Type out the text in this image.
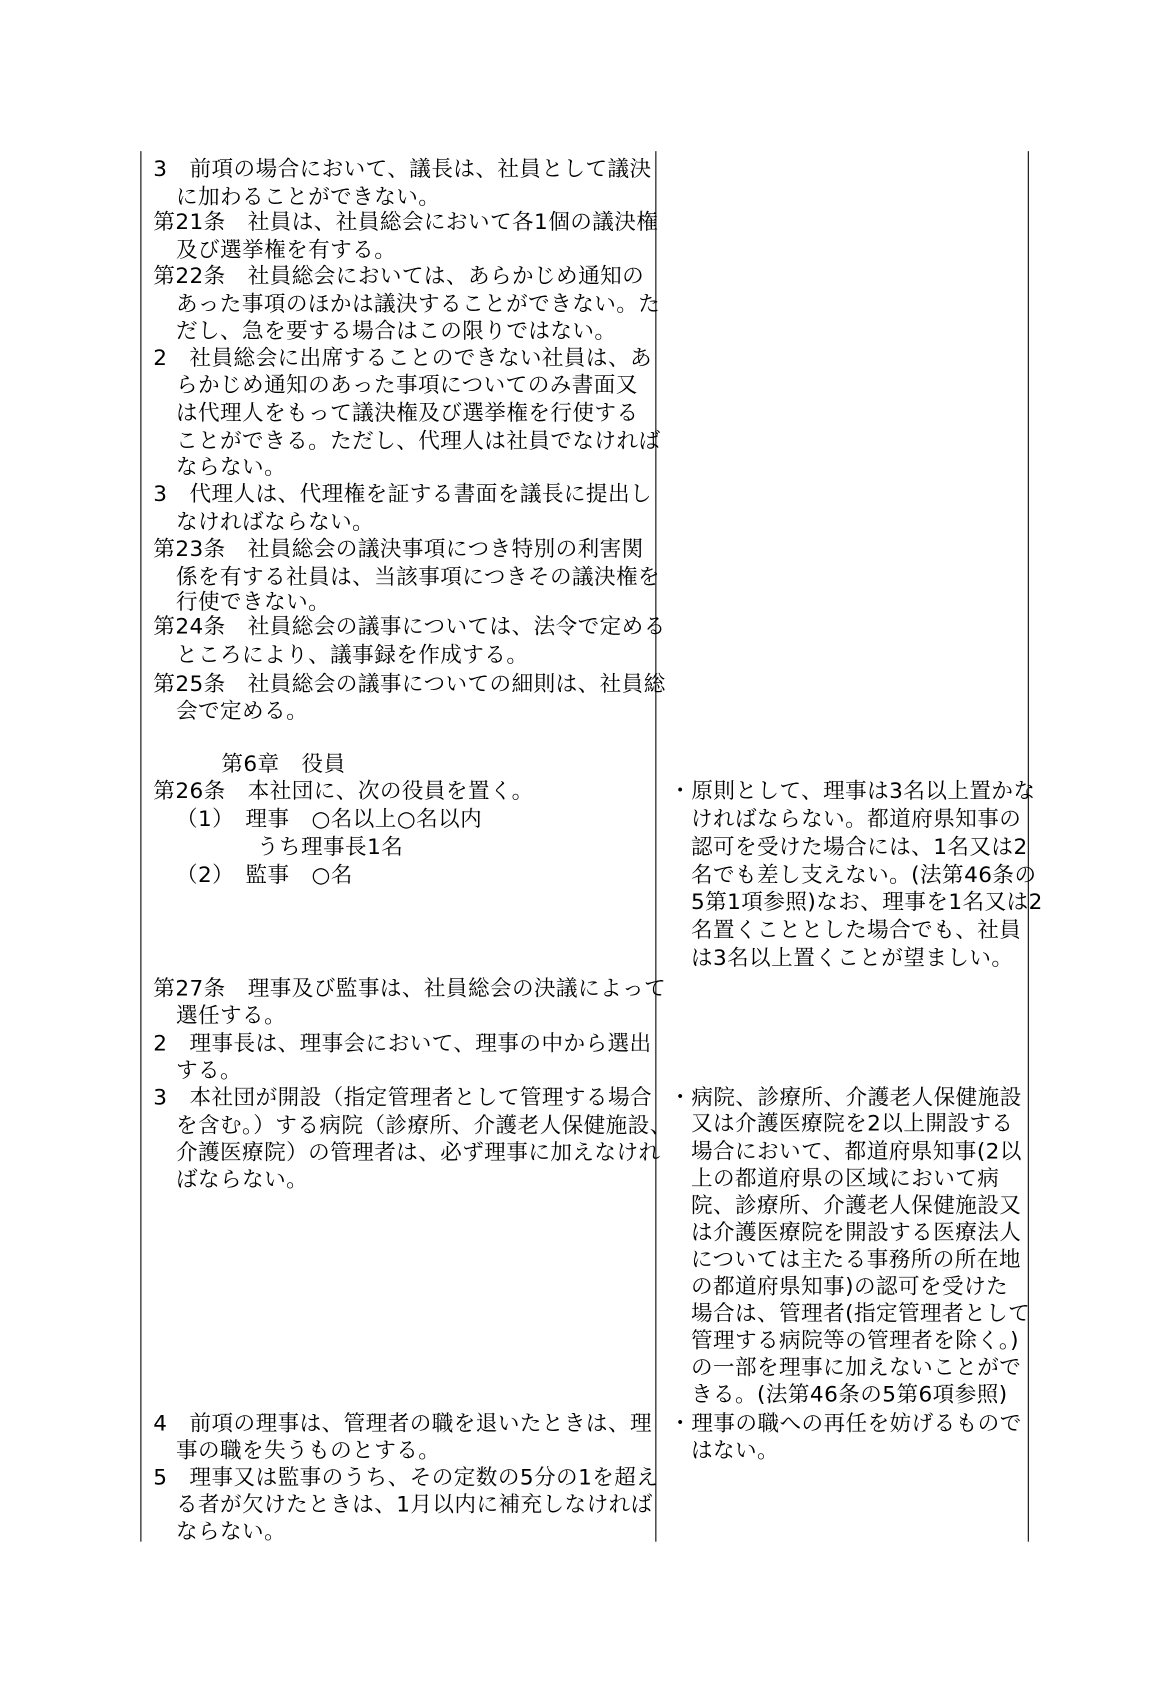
3　前項の場合において、議長は、社員として議決
に加わることができない。
第21条　社員は、社員総会において各1個の議決権
及び選挙権を有する。
第22条　社員総会においては、あらかじめ通知の
あった事項のほかは議決することができない。た
だし、急を要する場合はこの限りではない。
2　社員総会に出席することのできない社員は、あ
らかじめ通知のあった事項についてのみ書面又
は代理人をもって議決権及び選挙権を行使する
ことができる。ただし、代理人は社員でなければ
ならない。
3　代理人は、代理権を証する書面を議長に提出し
なければならない。
第23条　社員総会の議決事項につき特別の利害関
係を有する社員は、当該事項につきその議決権を
行使できない。
第24条　社員総会の議事については、法令で定める
ところにより、議事録を作成する。
第25条　社員総会の議事についての細則は、社員総
会で定める。
第6章　役員
第26条　本社団に、次の役員を置く。
（1）　理事　○名以上○名以内
うち理事長1名
（2）　監事　○名
第27条　理事及び監事は、社員総会の決議によって
選任する。
2　理事長は、理事会において、理事の中から選出
する。
3　本社団が開設（指定管理者として管理する場合
を含む。）する病院（診療所、介護老人保健施設、
介護医療院）の管理者は、必ず理事に加えなけれ
ばならない。
4　前項の理事は、管理者の職を退いたときは、理
事の職を失うものとする。
5　理事又は監事のうち、その定数の5分の1を超え
る者が欠けたときは、1月以内に補充しなければ
ならない。
・原則として、理事は3名以上置かな
ければならない。都道府県知事の
認可を受けた場合には、1名又は2
名でも差し支えない。(法第46条の
5第1項参照)なお、理事を1名又は2
名置くこととした場合でも、社員
は3名以上置くことが望ましい。
・病院、診療所、介護老人保健施設
又は介護医療院を2以上開設する
場合において、都道府県知事(2以
上の都道府県の区域において病
院、診療所、介護老人保健施設又
は介護医療院を開設する医療法人
については主たる事務所の所在地
の都道府県知事)の認可を受けた
場合は、管理者(指定管理者として
管理する病院等の管理者を除く。)
の一部を理事に加えないことがで
きる。(法第46条の5第6項参照)
・理事の職への再任を妨げるもので
はない。
